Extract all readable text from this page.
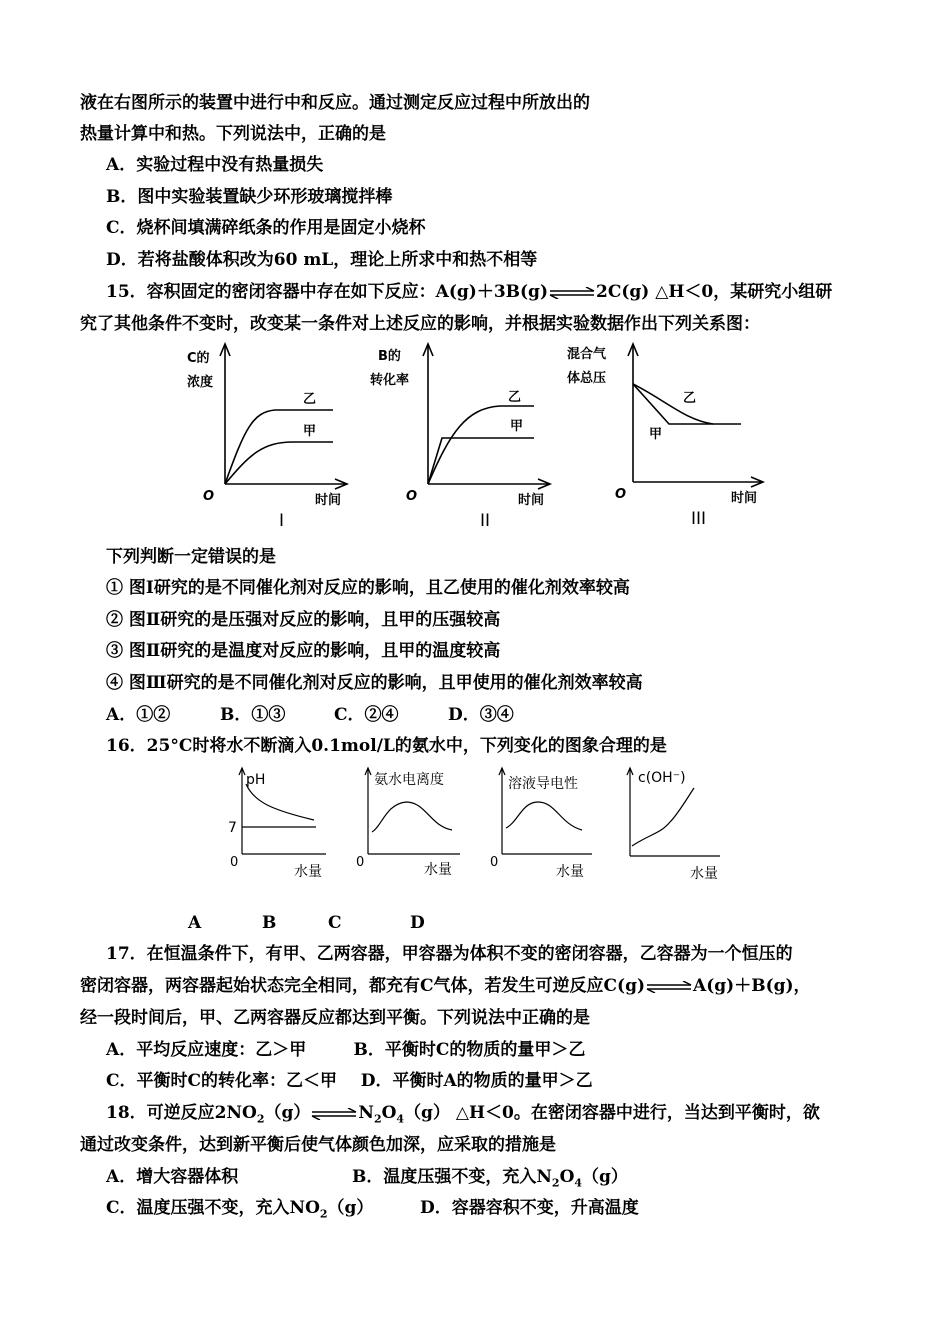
液在右图所示的装置中进行中和反应。通过测定反应过程中所放出的
热量计算中和热。下列说法中，正确的是
A．实验过程中没有热量损失
B．图中实验装置缺少环形玻璃搅拌棒
C．烧杯间填满碎纸条的作用是固定小烧杯
D．若将盐酸体积改为60 mL，理论上所求中和热不相等
15．容积固定的密闭容器中存在如下反应：A(g)＋3B(g)⇌2C(g) △H＜0，某研究小组研
究了其他条件不变时，改变某一条件对上述反应的影响，并根据实验数据作出下列关系图：
C的
浓度
乙
甲
O	时间
I
B的
转化率
乙
甲
O	时间
II
混合气
体总压
乙
甲
O	时间
III
下列判断一定错误的是
① 图I研究的是不同催化剂对反应的影响，且乙使用的催化剂效率较高
② 图Ⅱ研究的是压强对反应的影响，且甲的压强较高
③ 图Ⅱ研究的是温度对反应的影响，且甲的温度较高
④ 图Ⅲ研究的是不同催化剂对反应的影响，且甲使用的催化剂效率较高
A．①②	B．①③	C．②④	D．③④
16．25°C时将水不断滴入0.1mol/L的氨水中，下列变化的图象合理的是
pH
7
0
水量
氨水电离度
0	水量
溶液导电性
0
水量
c(OH⁻)
水量
A	B	C	D
17．在恒温条件下，有甲、乙两容器，甲容器为体积不变的密闭容器，乙容器为一个恒压的
密闭容器，两容器起始状态完全相同，都充有C气体，若发生可逆反应C(g)⇌A(g)＋B(g)，
经一段时间后，甲、乙两容器反应都达到平衡。下列说法中正确的是
A．平均反应速度：乙＞甲        B．平衡时C的物质的量甲＞乙
C．平衡时C的转化率：乙＜甲    D．平衡时A的物质的量甲＞乙
18．可逆反应$2NO_2(g)\rightleftharpoons N_2O_4(g)$ △H＜0。在密闭容器中进行，当达到平衡时，欲
通过改变条件，达到新平衡后使气体颜色加深，应采取的措施是
A．增大容器体积	B．温度压强不变，充入$N_2O_4(g)$
C．温度压强不变，充入$NO_2(g)$	D．容器容积不变，升高温度
